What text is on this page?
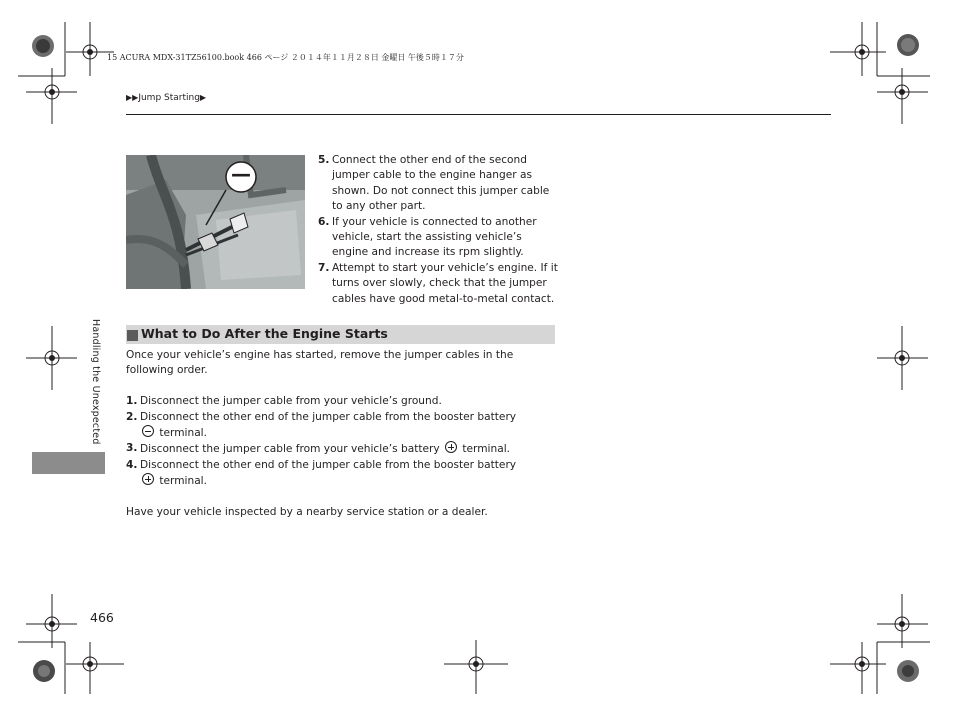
15 ACURA MDX-31TZ56100.book 466 ページ ２０１４年１１月２８日 金曜日 午後５時１７分
▶▶Jump Starting▶
—
5. Connect the other end of the second jumper cable to the engine hanger as shown. Do not connect this jumper cable to any other part.
6. If your vehicle is connected to another vehicle, start the assisting vehicle’s engine and increase its rpm slightly.
7. Attempt to start your vehicle’s engine. If it turns over slowly, check that the jumper cables have good metal-to-metal contact.
What to Do After the Engine Starts
Once your vehicle’s engine has started, remove the jumper cables in the following order.
1. Disconnect the jumper cable from your vehicle’s ground.
2. Disconnect the other end of the jumper cable from the booster battery  terminal.
3. Disconnect the jumper cable from your vehicle’s battery terminal.
4. Disconnect the other end of the jumper cable from the booster battery  terminal.
Have your vehicle inspected by a nearby service station or a dealer.
Handling the Unexpected
466
